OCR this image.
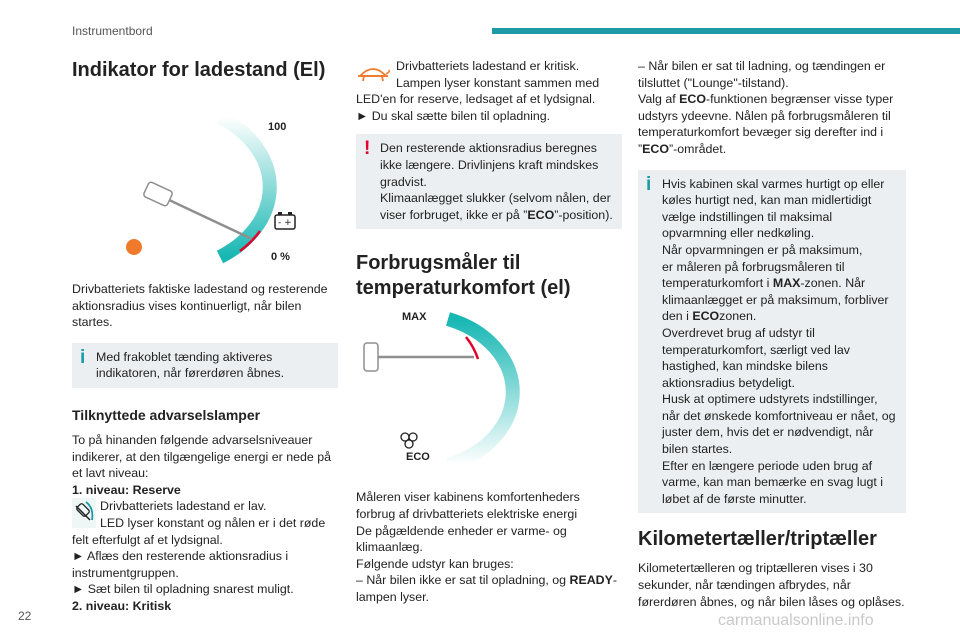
Instrumentbord
Indikator for ladestand (El)
- +
100
0 %

Drivbatteriets faktiske ladestand og resterende aktionsradius vises kontinuerligt, når bilen startes.

i Med frakoblet tænding aktiveres indikatoren, når førerdøren åbnes.
Tilknyttede advarselslamper

To på hinanden følgende advarselsniveauer indikerer, at den tilgængelige energi er nede på et lavt niveau:

1. niveau: Reserve

Drivbatteriets ladestand er lav.

LED lyser konstant og nålen er i det røde felt efterfulgt af et lydsignal.

► Aflæs den resterende aktionsradius i instrumentgruppen.

► Sæt bilen til opladning snarest muligt.

2. niveau: Kritisk

Drivbatteriets ladestand er kritisk.

Lampen lyser konstant sammen med LED'en for reserve, ledsaget af et lydsignal.

► Du skal sætte bilen til opladning.

! Den resterende aktionsradius beregnes ikke længere. Drivlinjens kraft mindskes gradvist.

Klimaanlægget slukker (selvom nålen, der viser forbruget, ikke er på ”ECO”-position).

Forbrugsmåler til temperaturkomfort (el)
MAX
ECO

Måleren viser kabinens komfortenheders forbrug af drivbatteriets elektriske energi

De pågældende enheder er varme- og klimaanlæg.

Følgende udstyr kan bruges:

– Når bilen ikke er sat til opladning, og READY-lampen lyser.

– Når bilen er sat til ladning, og tændingen er tilsluttet ("Lounge"-tilstand).

Valg af ECO-funktionen begrænser visse typer udstyrs ydeevne. Nålen på forbrugsmåleren til temperaturkomfort bevæger sig derefter ind i ”ECO”-området.

i Hvis kabinen skal varmes hurtigt op eller køles hurtigt ned, kan man midlertidigt vælge indstillingen til maksimal opvarmning eller nedkøling.

Når opvarmningen er på maksimum,

er måleren på forbrugsmåleren til temperaturkomfort i MAX-zonen. Når klimaanlægget er på maksimum, forbliver den i ECOzonen.

Overdrevet brug af udstyr til temperaturkomfort, særligt ved lav hastighed, kan mindske bilens aktionsradius betydeligt.

Husk at optimere udstyrets indstillinger, når det ønskede komfortniveau er nået, og juster dem, hvis det er nødvendigt, når bilen startes.

Efter en længere periode uden brug af varme, kan man bemærke en svag lugt i løbet af de første minutter.

Kilometertæller/triptæller

Kilometertælleren og triptælleren vises i 30 sekunder, når tændingen afbrydes, når førerdøren åbnes, og når bilen låses og oplåses.

22	carmanualsonline.info
